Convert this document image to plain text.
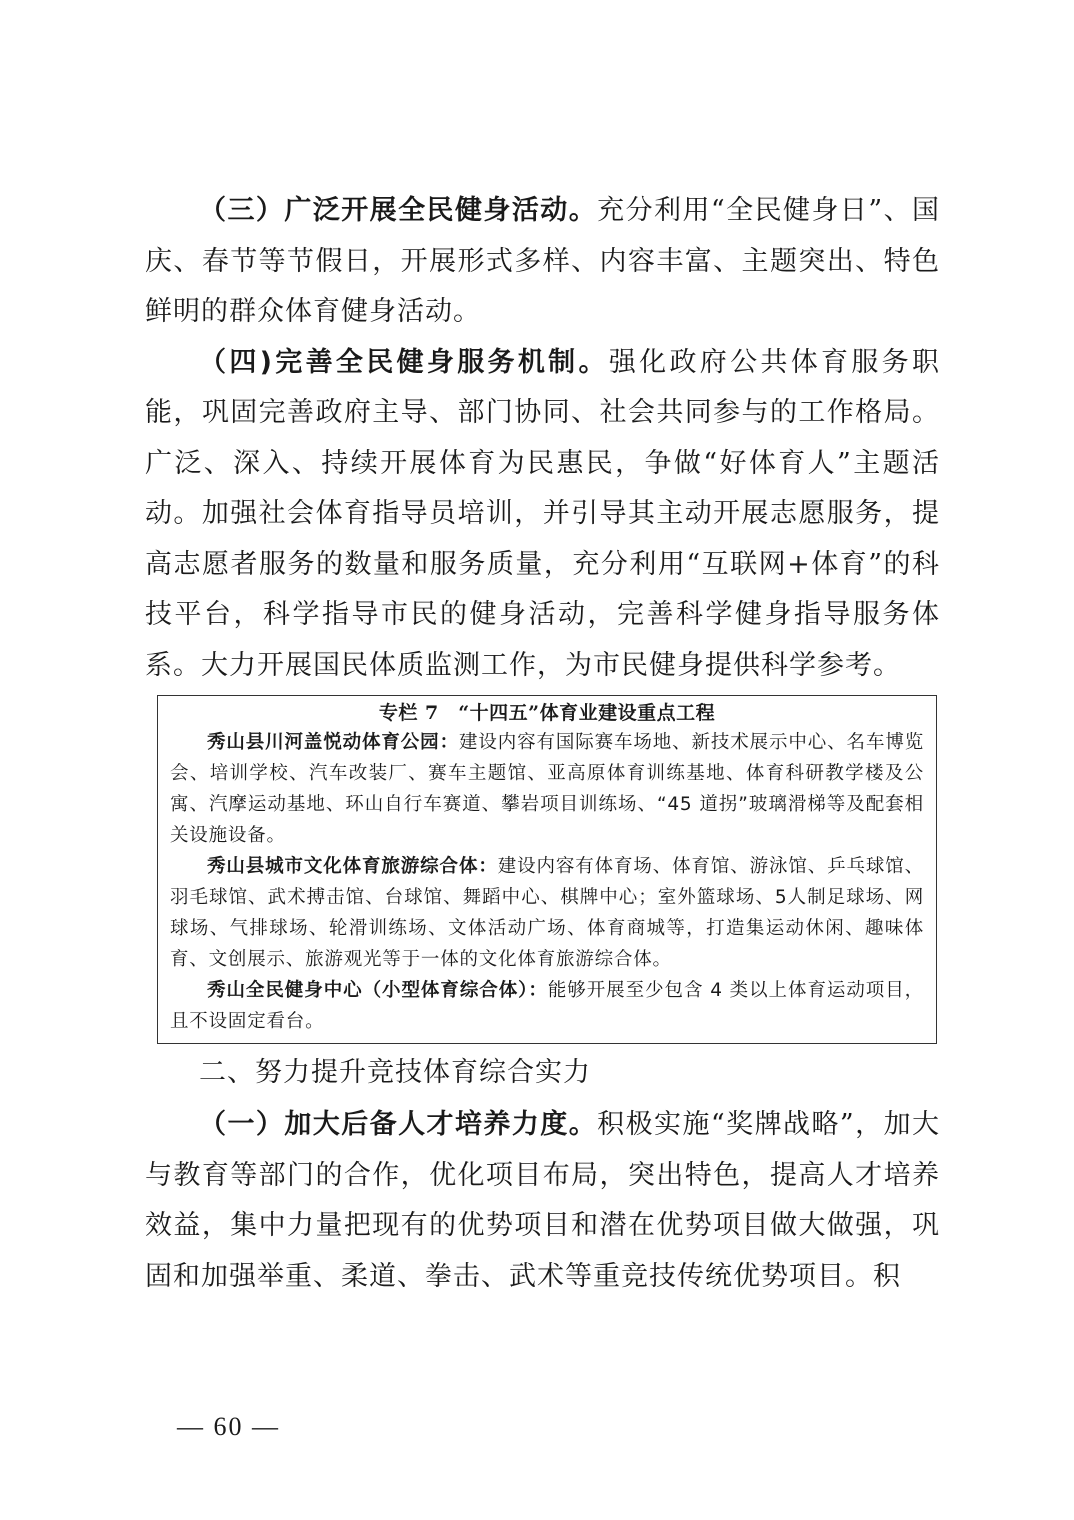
（三）广泛开展全民健身活动。充分利用“全民健身日”、国庆、春节等节假日，开展形式多样、内容丰富、主题突出、特色鲜明的群众体育健身活动。

（四)完善全民健身服务机制。强化政府公共体育服务职能，巩固完善政府主导、部门协同、社会共同参与的工作格局。广泛、深入、持续开展体育为民惠民，争做“好体育人”主题活动。加强社会体育指导员培训，并引导其主动开展志愿服务，提高志愿者服务的数量和服务质量，充分利用“互联网+体育”的科技平台，科学指导市民的健身活动，完善科学健身指导服务体系。大力开展国民体质监测工作，为市民健身提供科学参考。

专栏 7　“十四五”体育业建设重点工程

秀山县川河盖悦动体育公园：建设内容有国际赛车场地、新技术展示中心、名车博览会、培训学校、汽车改装厂、赛车主题馆、亚高原体育训练基地、体育科研教学楼及公寓、汽摩运动基地、环山自行车赛道、攀岩项目训练场、“45 道拐”玻璃滑梯等及配套相关设施设备。

秀山县城市文化体育旅游综合体：建设内容有体育场、体育馆、游泳馆、乒乓球馆、羽毛球馆、武术搏击馆、台球馆、舞蹈中心、棋牌中心；室外篮球场、5人制足球场、网球场、气排球场、轮滑训练场、文体活动广场、体育商城等，打造集运动休闲、趣味体育、文创展示、旅游观光等于一体的文化体育旅游综合体。

秀山全民健身中心（小型体育综合体）：能够开展至少包含 4 类以上体育运动项目，且不设固定看台。

二、努力提升竞技体育综合实力

（一）加大后备人才培养力度。积极实施“奖牌战略”，加大与教育等部门的合作，优化项目布局，突出特色，提高人才培养效益，集中力量把现有的优势项目和潜在优势项目做大做强，巩固和加强举重、柔道、拳击、武术等重竞技传统优势项目。积

— 60 —
